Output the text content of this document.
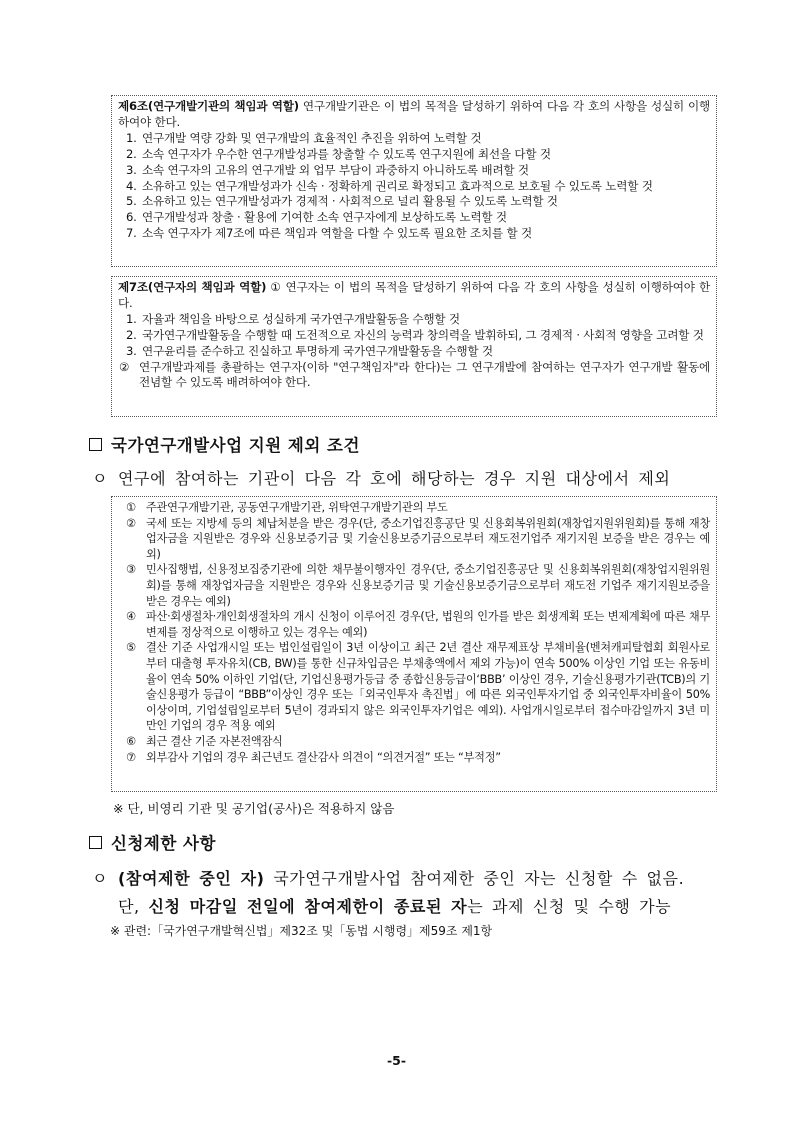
제6조(연구개발기관의 책임과 역할) 연구개발기관은 이 법의 목적을 달성하기 위하여 다음 각 호의 사항을 성실히 이행하여야 한다.

1. 연구개발 역량 강화 및 연구개발의 효율적인 추진을 위하여 노력할 것
2. 소속 연구자가 우수한 연구개발성과를 창출할 수 있도록 연구지원에 최선을 다할 것
3. 소속 연구자의 고유의 연구개발 외 업무 부담이 과중하지 아니하도록 배려할 것
4. 소유하고 있는 연구개발성과가 신속 · 정확하게 권리로 확정되고 효과적으로 보호될 수 있도록 노력할 것
5. 소유하고 있는 연구개발성과가 경제적 · 사회적으로 널리 활용될 수 있도록 노력할 것
6. 연구개발성과 창출 · 활용에 기여한 소속 연구자에게 보상하도록 노력할 것
7. 소속 연구자가 제7조에 따른 책임과 역할을 다할 수 있도록 필요한 조치를 할 것

제7조(연구자의 책임과 역할) ① 연구자는 이 법의 목적을 달성하기 위하여 다음 각 호의 사항을 성실히 이행하여야 한다.

1. 자율과 책임을 바탕으로 성실하게 국가연구개발활동을 수행할 것
2. 국가연구개발활동을 수행할 때 도전적으로 자신의 능력과 창의력을 발휘하되, 그 경제적 · 사회적 영향을 고려할 것
3. 연구윤리를 준수하고 진실하고 투명하게 국가연구개발활동을 수행할 것
② 연구개발과제를 총괄하는 연구자(이하 "연구책임자"라 한다)는 그 연구개발에 참여하는 연구자가 연구개발 활동에 전념할 수 있도록 배려하여야 한다.
국가연구개발사업 지원 제외 조건
ㅇ 연구에 참여하는 기관이 다음 각 호에 해당하는 경우 지원 대상에서 제외
① 주관연구개발기관, 공동연구개발기관, 위탁연구개발기관의 부도
② 국세 또는 지방세 등의 체납처분을 받은 경우(단, 중소기업진흥공단 및 신용회복위원회(재창업지원위원회)를 통해 재창업자금을 지원받은 경우와 신용보증기금 및 기술신용보증기금으로부터 재도전기업주 재기지원 보증을 받은 경우는 예외)
③ 민사집행법, 신용정보집중기관에 의한 채무불이행자인 경우(단, 중소기업진흥공단 및 신용회복위원회(재창업지원위원회)를 통해 재창업자금을 지원받은 경우와 신용보증기금 및 기술신용보증기금으로부터 재도전 기업주 재기지원보증을 받은 경우는 예외)
④ 파산·회생절차·개인회생절차의 개시 신청이 이루어진 경우(단, 법원의 인가를 받은 회생계획 또는 변제계획에 따른 채무변제를 정상적으로 이행하고 있는 경우는 예외)
⑤ 결산 기준 사업개시일 또는 법인설립일이 3년 이상이고 최근 2년 결산 재무제표상 부채비율(벤쳐캐피탈협회 회원사로부터 대출형 투자유치(CB, BW)를 통한 신규차입금은 부채총액에서 제외 가능)이 연속 500% 이상인 기업 또는 유동비율이 연속 50% 이하인 기업(단, 기업신용평가등급 중 종합신용등급이‘BBB’ 이상인 경우, 기술신용평가기관(TCB)의 기술신용평가 등급이 “BBB”이상인 경우 또는「외국인투자 촉진법」에 따른 외국인투자기업 중 외국인투자비율이 50% 이상이며, 기업설립일로부터 5년이 경과되지 않은 외국인투자기업은 예외). 사업개시일로부터 접수마감일까지 3년 미만인 기업의 경우 적용 예외
⑥ 최근 결산 기준 자본전액잠식
⑦ 외부감사 기업의 경우 최근년도 결산감사 의견이 “의견거절” 또는 “부적정”
※ 단, 비영리 기관 및 공기업(공사)은 적용하지 않음
신청제한 사항
ㅇ (참여제한 중인 자) 국가연구개발사업 참여제한 중인 자는 신청할 수 없음.
단, 신청 마감일 전일에 참여제한이 종료된 자는 과제 신청 및 수행 가능
※ 관련:「국가연구개발혁신법」제32조 및「동법 시행령」제59조 제1항
-5-
